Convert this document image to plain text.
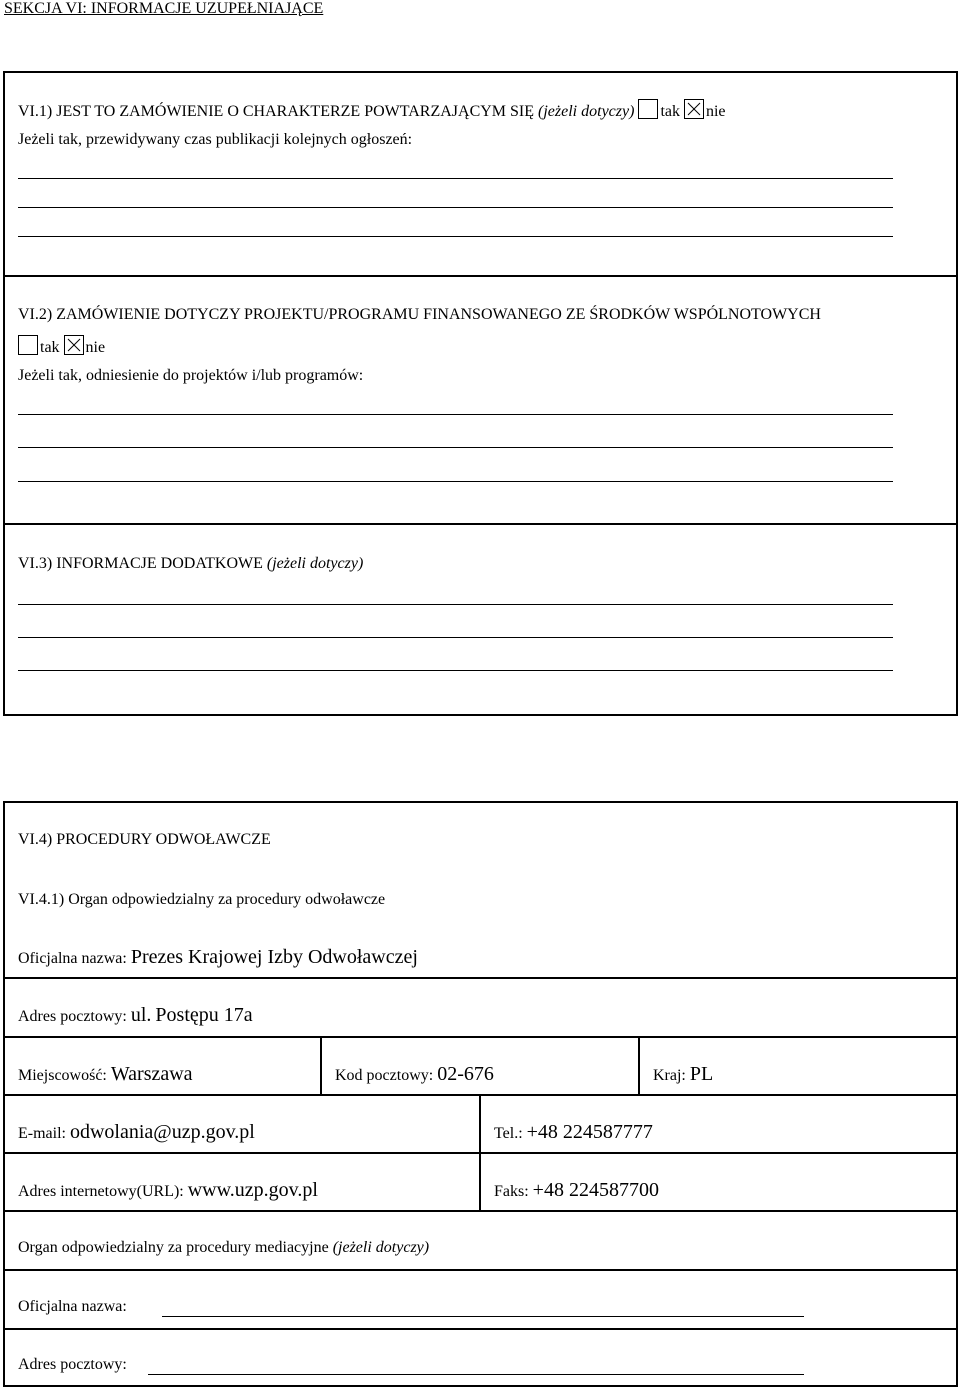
SEKCJA VI: INFORMACJE UZUPEŁNIAJĄCE
VI.1) JEST TO ZAMÓWIENIE O CHARAKTERZE POWTARZAJĄCYM SIĘ (jeżeli dotyczy) tak nie
Jeżeli tak, przewidywany czas publikacji kolejnych ogłoszeń:
VI.2) ZAMÓWIENIE DOTYCZY PROJEKTU/PROGRAMU FINANSOWANEGO ZE ŚRODKÓW WSPÓLNOTOWYCH
tak nie
Jeżeli tak, odniesienie do projektów i/lub programów:
VI.3) INFORMACJE DODATKOWE (jeżeli dotyczy)
VI.4) PROCEDURY ODWOŁAWCZE
VI.4.1) Organ odpowiedzialny za procedury odwoławcze
Oficjalna nazwa: Prezes Krajowej Izby Odwoławczej
Adres pocztowy: ul. Postępu 17a
Miejscowość: Warszawa	Kod pocztowy: 02-676	Kraj: PL
E-mail: odwolania@uzp.gov.pl	Tel.: +48 224587777
Adres internetowy(URL): www.uzp.gov.pl	Faks: +48 224587700
Organ odpowiedzialny za procedury mediacyjne (jeżeli dotyczy)
Oficjalna nazwa:
Adres pocztowy:
